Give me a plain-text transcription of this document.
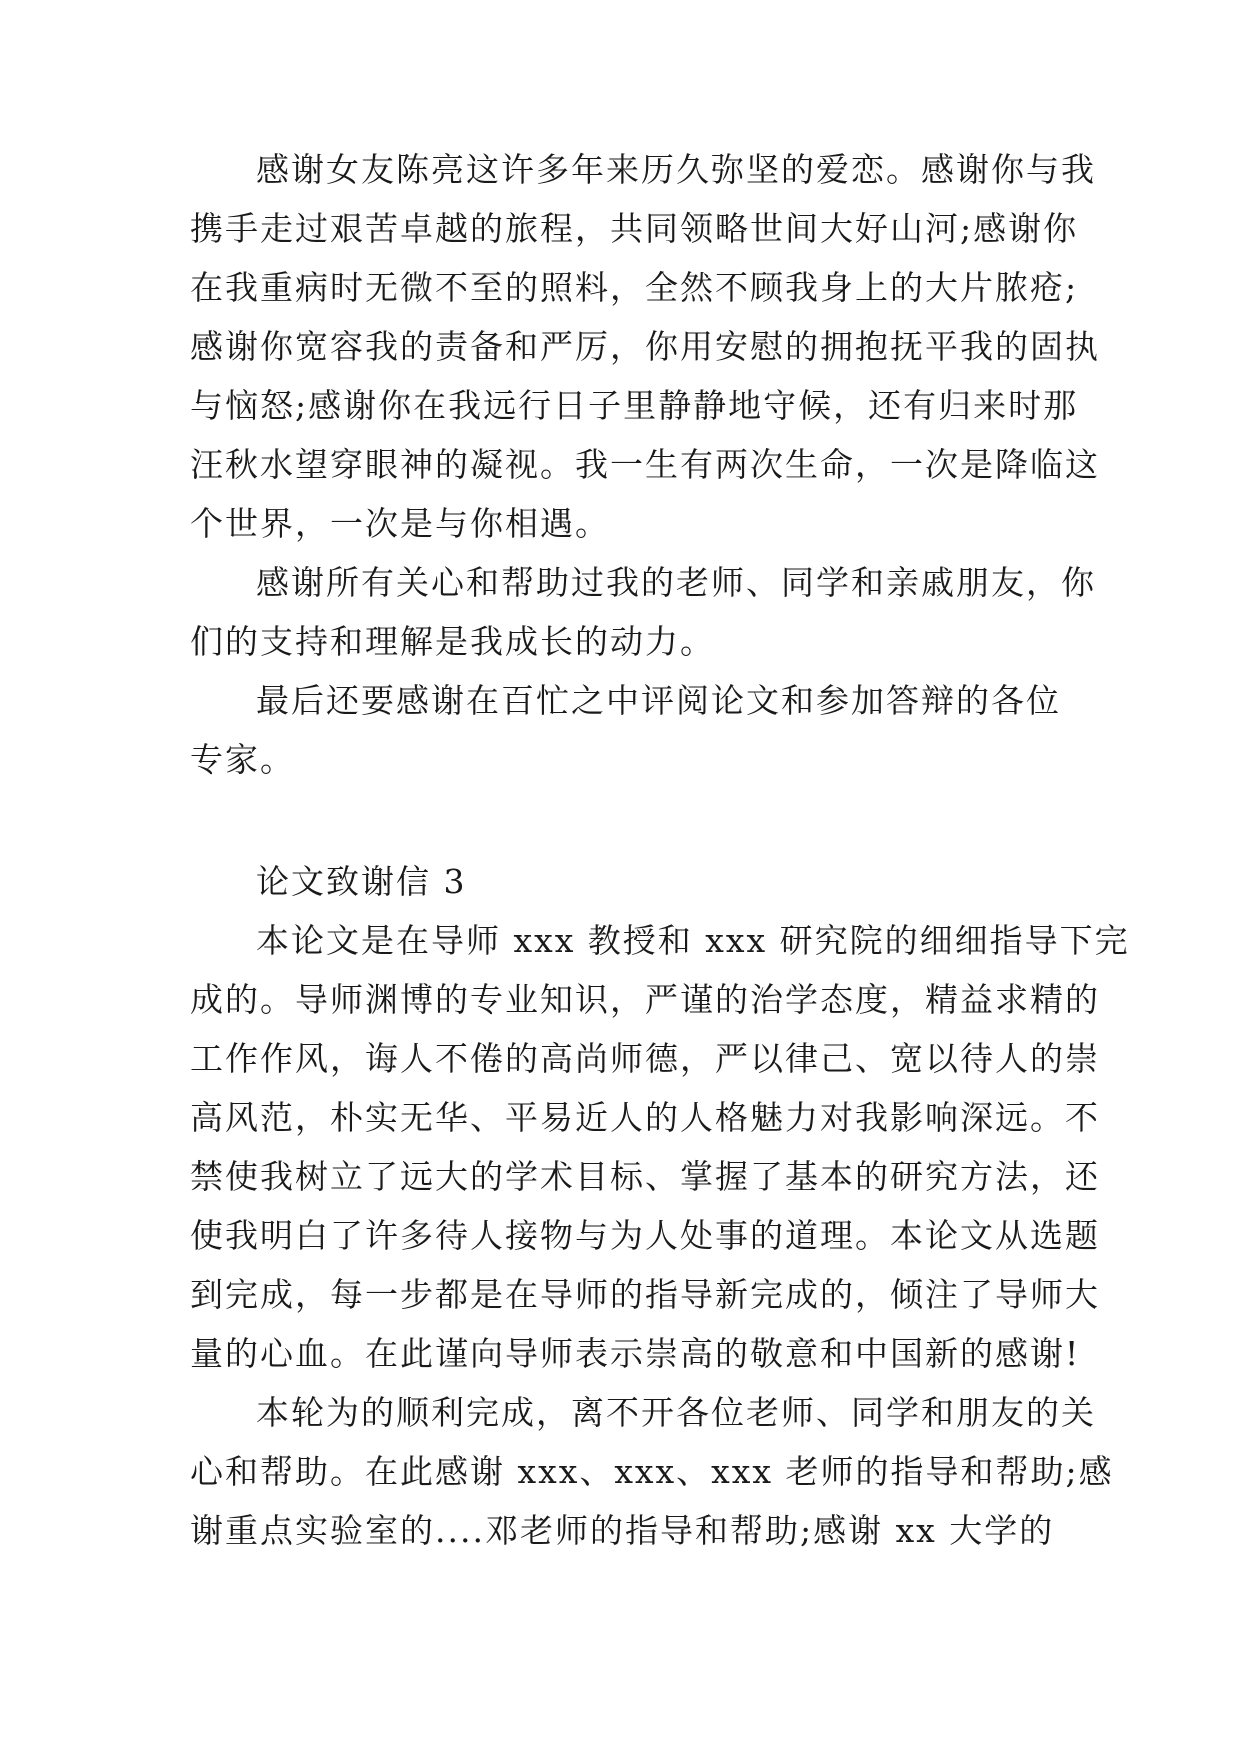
感谢女友陈亮这许多年来历久弥坚的爱恋。感谢你与我
携手走过艰苦卓越的旅程，共同领略世间大好山河;感谢你
在我重病时无微不至的照料，全然不顾我身上的大片脓疮;
感谢你宽容我的责备和严厉，你用安慰的拥抱抚平我的固执
与恼怒;感谢你在我远行日子里静静地守候，还有归来时那
汪秋水望穿眼神的凝视。我一生有两次生命，一次是降临这
个世界，一次是与你相遇。
感谢所有关心和帮助过我的老师、同学和亲戚朋友，你
们的支持和理解是我成长的动力。
最后还要感谢在百忙之中评阅论文和参加答辩的各位
专家。
论文致谢信 3
本论文是在导师 xxx 教授和 xxx 研究院的细细指导下完
成的。导师渊博的专业知识，严谨的治学态度，精益求精的
工作作风，诲人不倦的高尚师德，严以律己、宽以待人的崇
高风范，朴实无华、平易近人的人格魅力对我影响深远。不
禁使我树立了远大的学术目标、掌握了基本的研究方法，还
使我明白了许多待人接物与为人处事的道理。本论文从选题
到完成，每一步都是在导师的指导新完成的，倾注了导师大
量的心血。在此谨向导师表示崇高的敬意和中国新的感谢!
本轮为的顺利完成，离不开各位老师、同学和朋友的关
心和帮助。在此感谢 xxx、xxx、xxx 老师的指导和帮助;感
谢重点实验室的....邓老师的指导和帮助;感谢 xx 大学的
